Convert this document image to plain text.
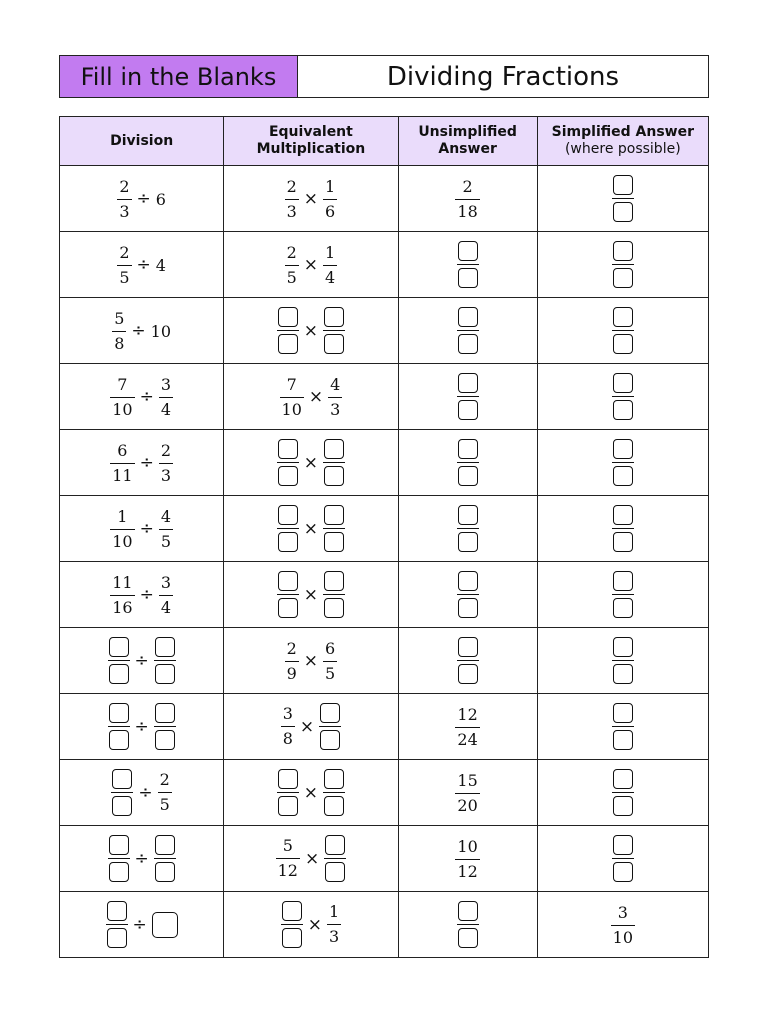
Fill in the Blanks	Dividing Fractions
Division	Equivalent Multiplication	Unsimplified Answer	Simplified Answer
(where possible)

$\frac{2}{3} \div 6$	$\frac{2}{3} \times \frac{1}{6}$	$\frac{2}{18}$

$\frac{2}{5} \div 4$	$\frac{2}{5} \times \frac{1}{4}$

$\frac{5}{8} \div 10$	×		

$\frac{7}{10} \div \frac{3}{4}$	$\frac{7}{10} \times \frac{4}{3}$

$\frac{6}{11} \div \frac{2}{3}$	×		

$\frac{1}{10} \div \frac{4}{5}$	×		

$\frac{11}{16} \div \frac{3}{4}$	×		

÷	$\frac{2}{9} \times \frac{6}{5}$

÷	$\frac{3}{8}$ ×	$\frac{12}{24}$

÷ $\frac{2}{5}$	×	$\frac{15}{20}$

÷	$\frac{5}{12}$ ×	$\frac{10}{12}$

÷	× $\frac{1}{3}$		$\frac{3}{10}$
